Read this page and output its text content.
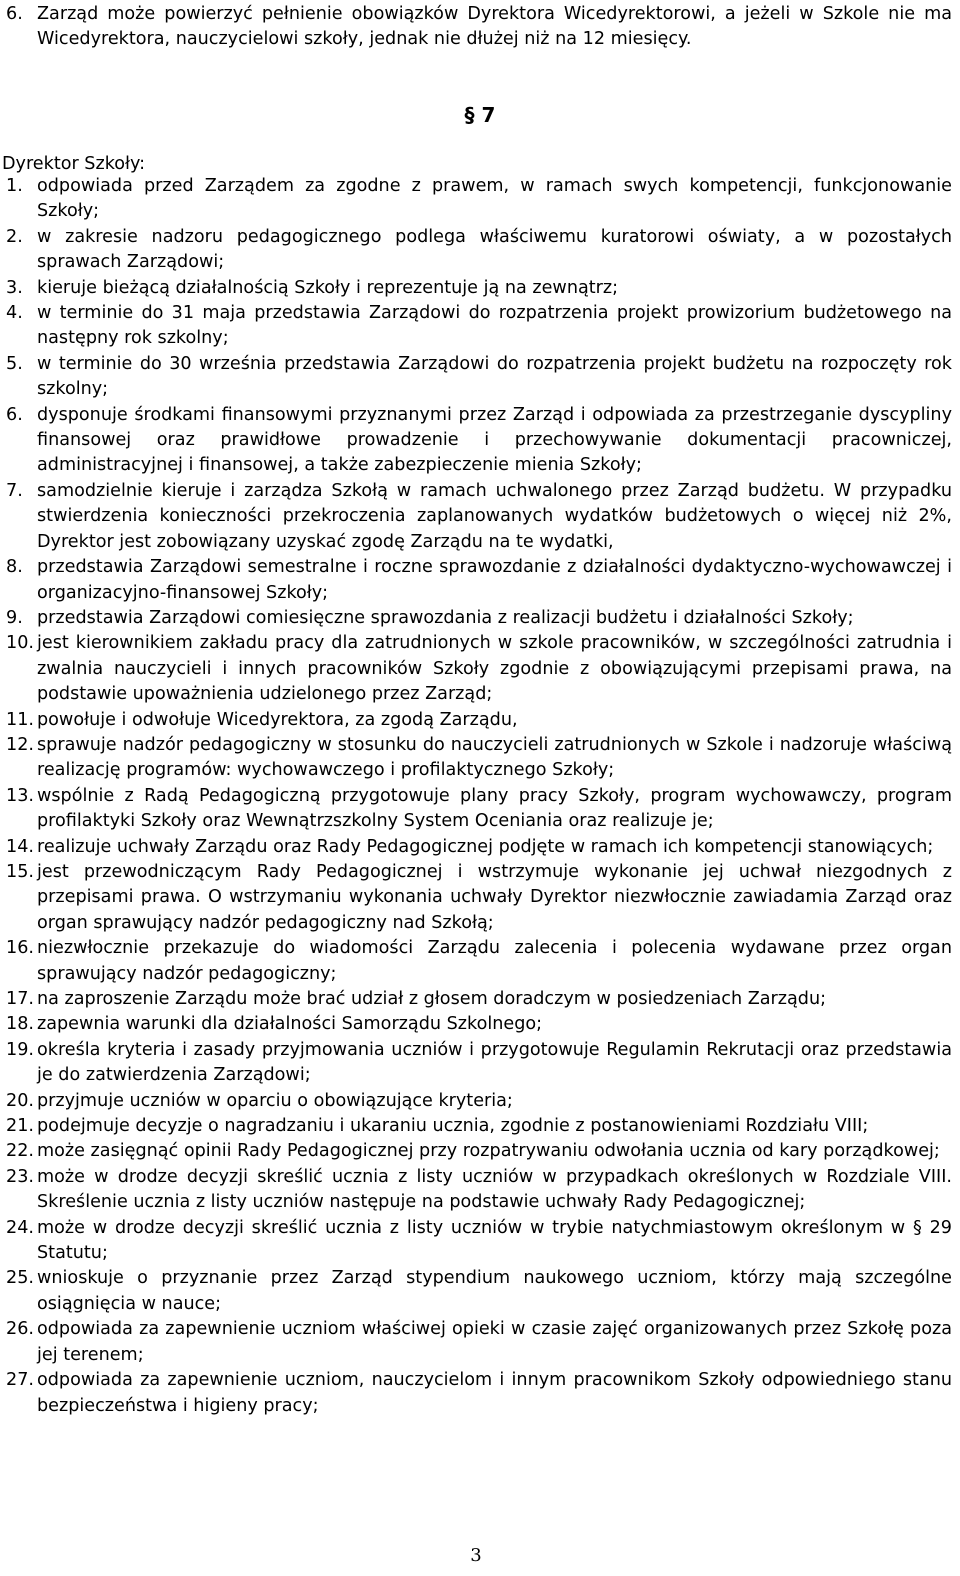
6. Zarząd może powierzyć pełnienie obowiązków Dyrektora Wicedyrektorowi, a jeżeli w Szkole nie ma Wicedyrektora, nauczycielowi szkoły, jednak nie dłużej niż na 12 miesięcy.
§ 7
Dyrektor Szkoły:
1. odpowiada przed Zarządem za zgodne z prawem, w ramach swych kompetencji, funkcjonowanie Szkoły;
2. w zakresie nadzoru pedagogicznego podlega właściwemu kuratorowi oświaty, a w pozostałych sprawach Zarządowi;
3. kieruje bieżącą działalnością Szkoły i reprezentuje ją na zewnątrz;
4. w terminie do 31 maja przedstawia Zarządowi do rozpatrzenia projekt prowizorium budżetowego na następny rok szkolny;
5. w terminie do 30 września przedstawia Zarządowi do rozpatrzenia projekt budżetu na rozpoczęty rok szkolny;
6. dysponuje środkami finansowymi przyznanymi przez Zarząd i odpowiada za przestrzeganie dyscypliny finansowej oraz prawidłowe prowadzenie i przechowywanie dokumentacji pracowniczej, administracyjnej i finansowej, a także zabezpieczenie mienia Szkoły;
7. samodzielnie kieruje i zarządza Szkołą w ramach uchwalonego przez Zarząd budżetu. W przypadku stwierdzenia konieczności przekroczenia zaplanowanych wydatków budżetowych o więcej niż 2%, Dyrektor jest zobowiązany uzyskać zgodę Zarządu na te wydatki,
8. przedstawia Zarządowi semestralne i roczne sprawozdanie z działalności dydaktyczno-wychowawczej i organizacyjno-finansowej Szkoły;
9. przedstawia Zarządowi comiesięczne sprawozdania z realizacji budżetu i działalności Szkoły;
10. jest kierownikiem zakładu pracy dla zatrudnionych w szkole pracowników, w szczególności zatrudnia i zwalnia nauczycieli i innych pracowników Szkoły zgodnie z obowiązującymi przepisami prawa, na podstawie upoważnienia udzielonego przez Zarząd;
11. powołuje i odwołuje Wicedyrektora, za zgodą Zarządu,
12. sprawuje nadzór pedagogiczny w stosunku do nauczycieli zatrudnionych w Szkole i nadzoruje właściwą realizację programów: wychowawczego i profilaktycznego Szkoły;
13. wspólnie z Radą Pedagogiczną przygotowuje plany pracy Szkoły, program wychowawczy, program profilaktyki Szkoły oraz Wewnątrzszkolny System Oceniania oraz realizuje je;
14. realizuje uchwały Zarządu oraz Rady Pedagogicznej podjęte w ramach ich kompetencji stanowiących;
15. jest przewodniczącym Rady Pedagogicznej i wstrzymuje wykonanie jej uchwał niezgodnych z przepisami prawa. O wstrzymaniu wykonania uchwały Dyrektor niezwłocznie zawiadamia Zarząd oraz organ sprawujący nadzór pedagogiczny nad Szkołą;
16. niezwłocznie przekazuje do wiadomości Zarządu zalecenia i polecenia wydawane przez organ sprawujący nadzór pedagogiczny;
17. na zaproszenie Zarządu może brać udział z głosem doradczym w posiedzeniach Zarządu;
18. zapewnia warunki dla działalności Samorządu Szkolnego;
19. określa kryteria i zasady przyjmowania uczniów i przygotowuje Regulamin Rekrutacji oraz przedstawia je do zatwierdzenia Zarządowi;
20. przyjmuje uczniów w oparciu o obowiązujące kryteria;
21. podejmuje decyzje o nagradzaniu i ukaraniu ucznia, zgodnie z postanowieniami Rozdziału VIII;
22. może zasięgnąć opinii Rady Pedagogicznej przy rozpatrywaniu odwołania ucznia od kary porządkowej;
23. może w drodze decyzji skreślić ucznia z listy uczniów w przypadkach określonych w Rozdziale VIII. Skreślenie ucznia z listy uczniów następuje na podstawie uchwały Rady Pedagogicznej;
24. może w drodze decyzji skreślić ucznia z listy uczniów w trybie natychmiastowym określonym w § 29 Statutu;
25. wnioskuje o przyznanie przez Zarząd stypendium naukowego uczniom, którzy mają szczególne osiągnięcia w nauce;
26. odpowiada za zapewnienie uczniom właściwej opieki w czasie zajęć organizowanych przez Szkołę poza jej terenem;
27. odpowiada za zapewnienie uczniom, nauczycielom i innym pracownikom Szkoły odpowiedniego stanu bezpieczeństwa i higieny pracy;
3
